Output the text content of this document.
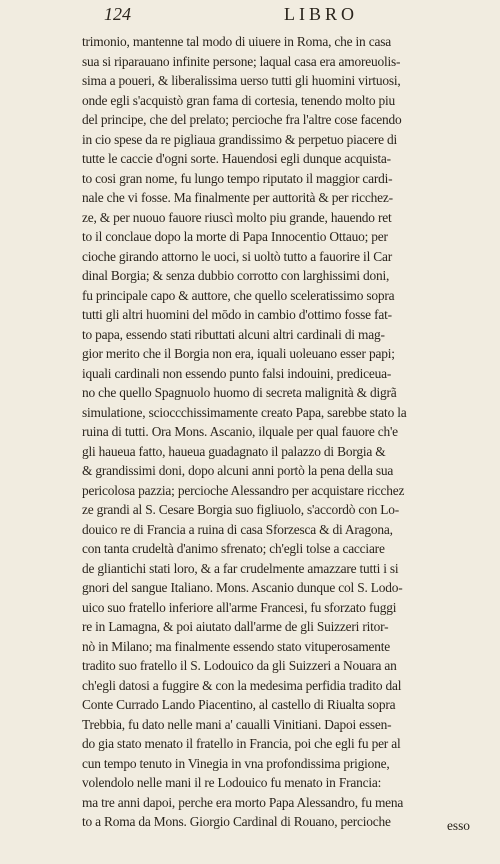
124	LIBRO
trimonio, mantenne tal modo di uiuere in Roma, che in casa
sua si riparauano infinite persone; laqual casa era amoreuolis-
sima a poueri, & liberalissima uerso tutti gli huomini virtuosi,
onde egli s'acquistò gran fama di cortesia, tenendo molto piu
del principe, che del prelato; percioche fra l'altre cose facendo
in cio spese da re pigliaua grandissimo & perpetuo piacere di
tutte le caccie d'ogni sorte. Hauendosi egli dunque acquista-
to cosi gran nome, fu lungo tempo riputato il maggior cardi-
nale che vi fosse. Ma finalmente per auttorità & per ricchez-
ze, & per nuouo fauore riuscì molto piu grande, hauendo ret
to il conclaue dopo la morte di Papa Innocentio Ottauo; per
cioche girando attorno le uoci, si uoltò tutto a fauorire il Car
dinal Borgia; & senza dubbio corrotto con larghissimi doni,
fu principale capo & auttore, che quello sceleratissimo sopra
tutti gli altri huomini del mōdo in cambio d'ottimo fosse fat-
to papa, essendo stati ributtati alcuni altri cardinali di mag-
gior merito che il Borgia non era, iquali uoleuano esser papi;
iquali cardinali non essendo punto falsi indouini, prediceua-
no che quello Spagnuolo huomo di secreta malignità & digrã
simulatione, scioccchissimamente creato Papa, sarebbe stato la
ruina di tutti. Ora Mons. Ascanio, ilquale per qual fauore ch'e
gli haueua fatto, haueua guadagnato il palazzo di Borgia &
& grandissimi doni, dopo alcuni anni portò la pena della sua
pericolosa pazzia; percioche Alessandro per acquistare ricchez
ze grandi al S. Cesare Borgia suo figliuolo, s'accordò con Lo-
douico re di Francia a ruina di casa Sforzesca & di Aragona,
con tanta crudeltà d'animo sfrenato; ch'egli tolse a cacciare
de gliantichi stati loro, & a far crudelmente amazzare tutti i si
gnori del sangue Italiano. Mons. Ascanio dunque col S. Lodo-
uico suo fratello inferiore all'arme Francesi, fu sforzato fuggi
re in Lamagna, & poi aiutato dall'arme de gli Suizzeri ritor-
nò in Milano; ma finalmente essendo stato vituperosamente
tradito suo fratello il S. Lodouico da gli Suizzeri a Nouara an
ch'egli datosi a fuggire & con la medesima perfidia tradito dal
Conte Currado Lando Piacentino, al castello di Riualta sopra
Trebbia, fu dato nelle mani a' caualli Vinitiani. Dapoi essen-
do gia stato menato il fratello in Francia, poi che egli fu per al
cun tempo tenuto in Vinegia in vna profondissima prigione,
volendolo nelle mani il re Lodouico fu menato in Francia:
ma tre anni dapoi, perche era morto Papa Alessandro, fu mena
to a Roma da Mons. Giorgio Cardinal di Rouano, percioche	esso
